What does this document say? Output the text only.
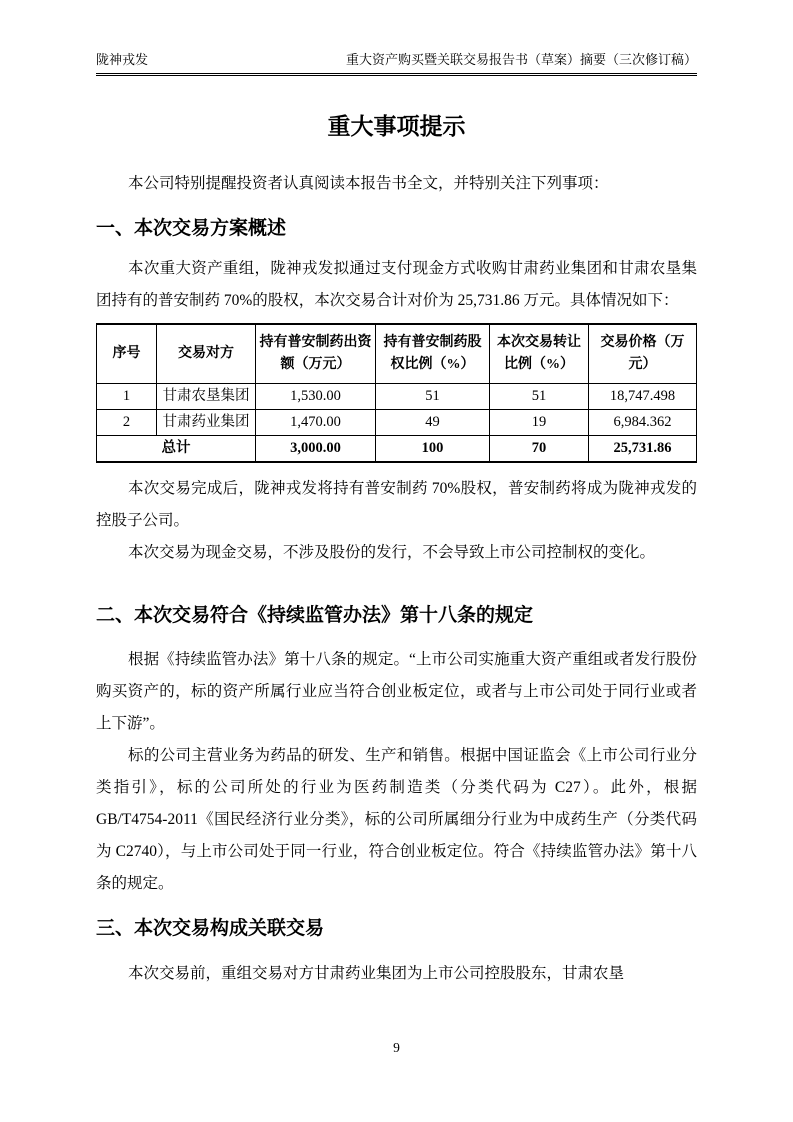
陇神戎发	重大资产购买暨关联交易报告书（草案）摘要（三次修订稿）
重大事项提示

本公司特别提醒投资者认真阅读本报告书全文，并特别关注下列事项：

一、本次交易方案概述

本次重大资产重组，陇神戎发拟通过支付现金方式收购甘肃药业集团和甘肃农垦集团持有的普安制药 70%的股权，本次交易合计对价为 25,731.86 万元。具体情况如下：

序号	交易对方	持有普安制药出资额（万元）	持有普安制药股权比例（%）	本次交易转让比例（%）	交易价格（万元）
1	甘肃农垦集团	1,530.00	51	51	18,747.498
2	甘肃药业集团	1,470.00	49	19	6,984.362
总计		3,000.00	100	70	25,731.86

本次交易完成后，陇神戎发将持有普安制药 70%股权，普安制药将成为陇神戎发的控股子公司。

本次交易为现金交易，不涉及股份的发行，不会导致上市公司控制权的变化。

二、本次交易符合《持续监管办法》第十八条的规定

根据《持续监管办法》第十八条的规定。“上市公司实施重大资产重组或者发行股份购买资产的，标的资产所属行业应当符合创业板定位，或者与上市公司处于同行业或者上下游”。

标的公司主营业务为药品的研发、生产和销售。根据中国证监会《上市公司行业分类指引》，标的公司所处的行业为医药制造类（分类代码为 C27）。此外，根据 GB/T4754-2011《国民经济行业分类》，标的公司所属细分行业为中成药生产（分类代码为 C2740），与上市公司处于同一行业，符合创业板定位。符合《持续监管办法》第十八条的规定。

三、本次交易构成关联交易

本次交易前，重组交易对方甘肃药业集团为上市公司控股股东，甘肃农垦

9
